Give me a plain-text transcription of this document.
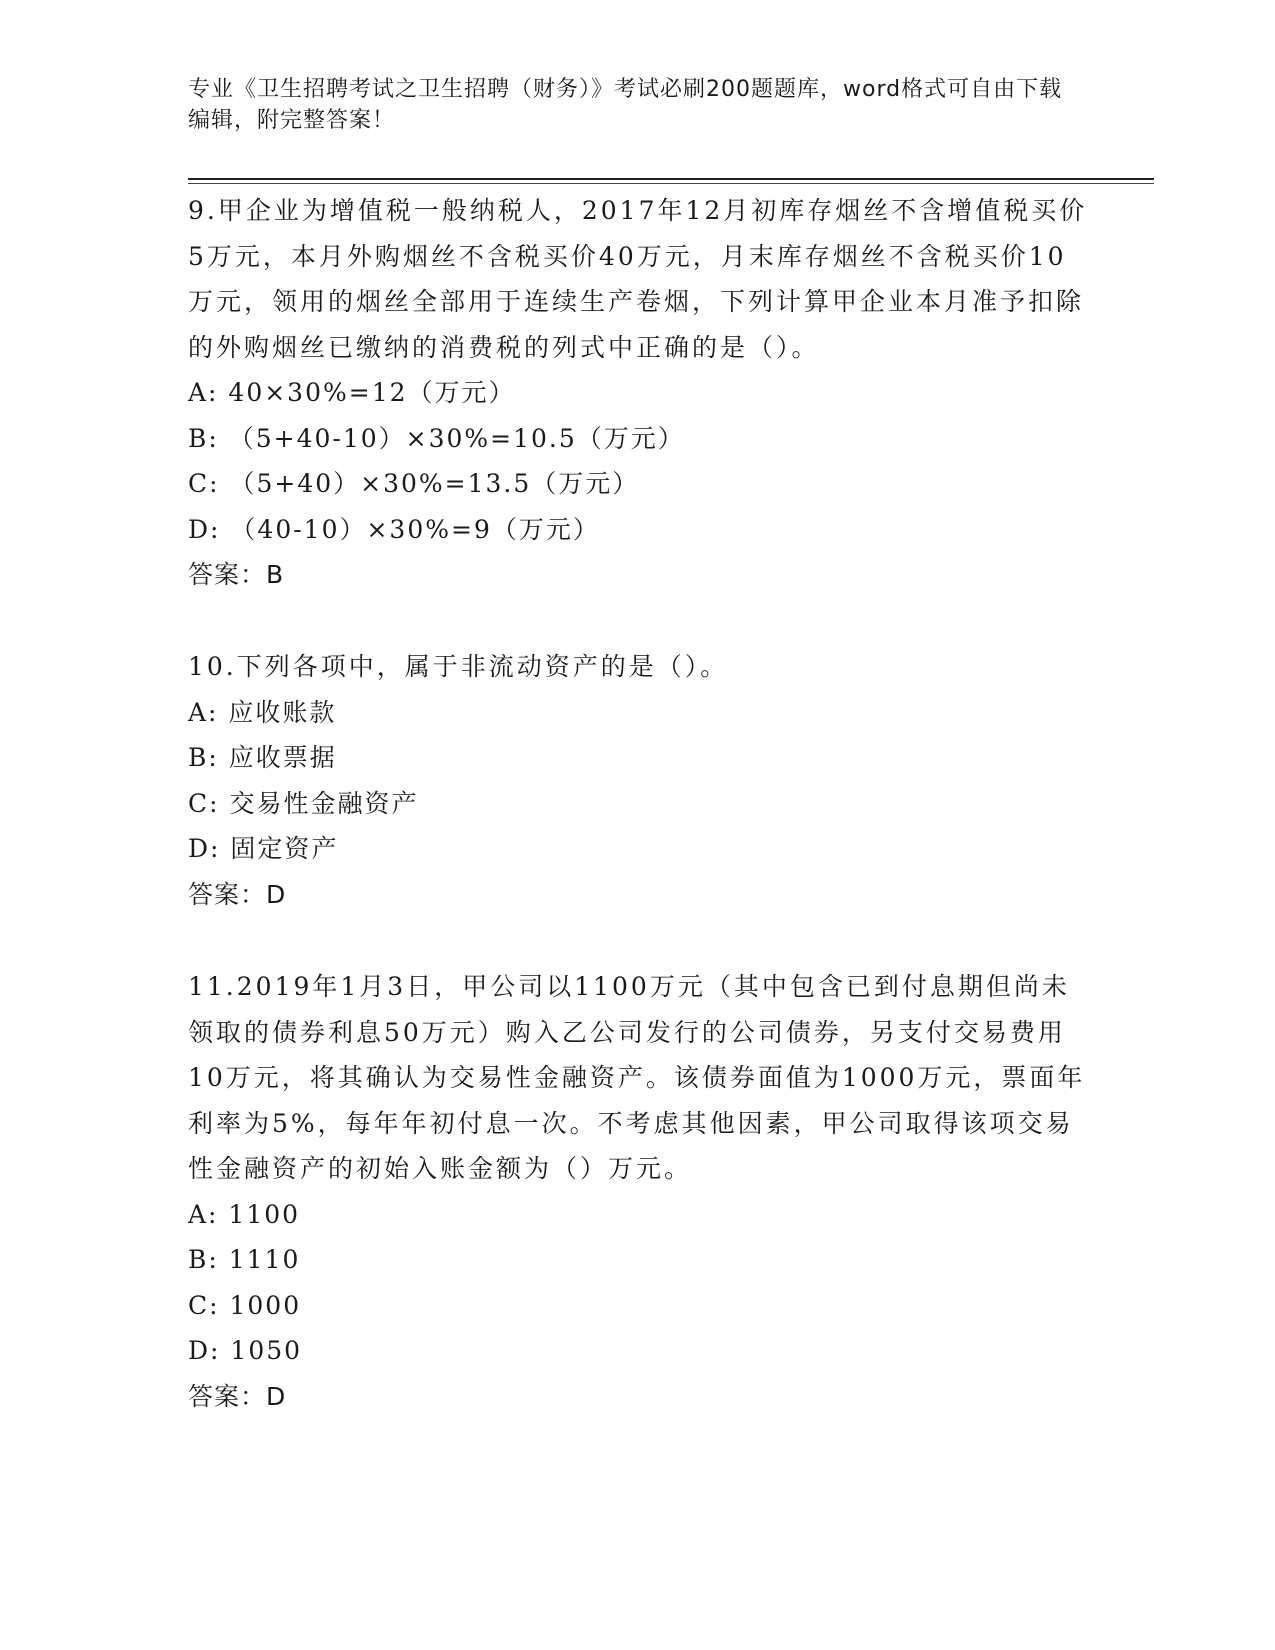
专业《卫生招聘考试之卫生招聘（财务）》考试必刷200题题库，word格式可自由下载编辑，附完整答案！
9.甲企业为增值税一般纳税人，2017年12月初库存烟丝不含增值税买价5万元，本月外购烟丝不含税买价40万元，月末库存烟丝不含税买价10万元，领用的烟丝全部用于连续生产卷烟，下列计算甲企业本月准予扣除的外购烟丝已缴纳的消费税的列式中正确的是（）。
A: 40×30%=12（万元）
B: （5+40-10）×30%=10.5（万元）
C: （5+40）×30%=13.5（万元）
D: （40-10）×30%=9（万元）
答案：B
10.下列各项中，属于非流动资产的是（）。
A: 应收账款
B: 应收票据
C: 交易性金融资产
D: 固定资产
答案：D
11.2019年1月3日，甲公司以1100万元（其中包含已到付息期但尚未领取的债券利息50万元）购入乙公司发行的公司债券，另支付交易费用10万元，将其确认为交易性金融资产。该债券面值为1000万元，票面年利率为5%，每年年初付息一次。不考虑其他因素，甲公司取得该项交易性金融资产的初始入账金额为（）万元。
A: 1100
B: 1110
C: 1000
D: 1050
答案：D
